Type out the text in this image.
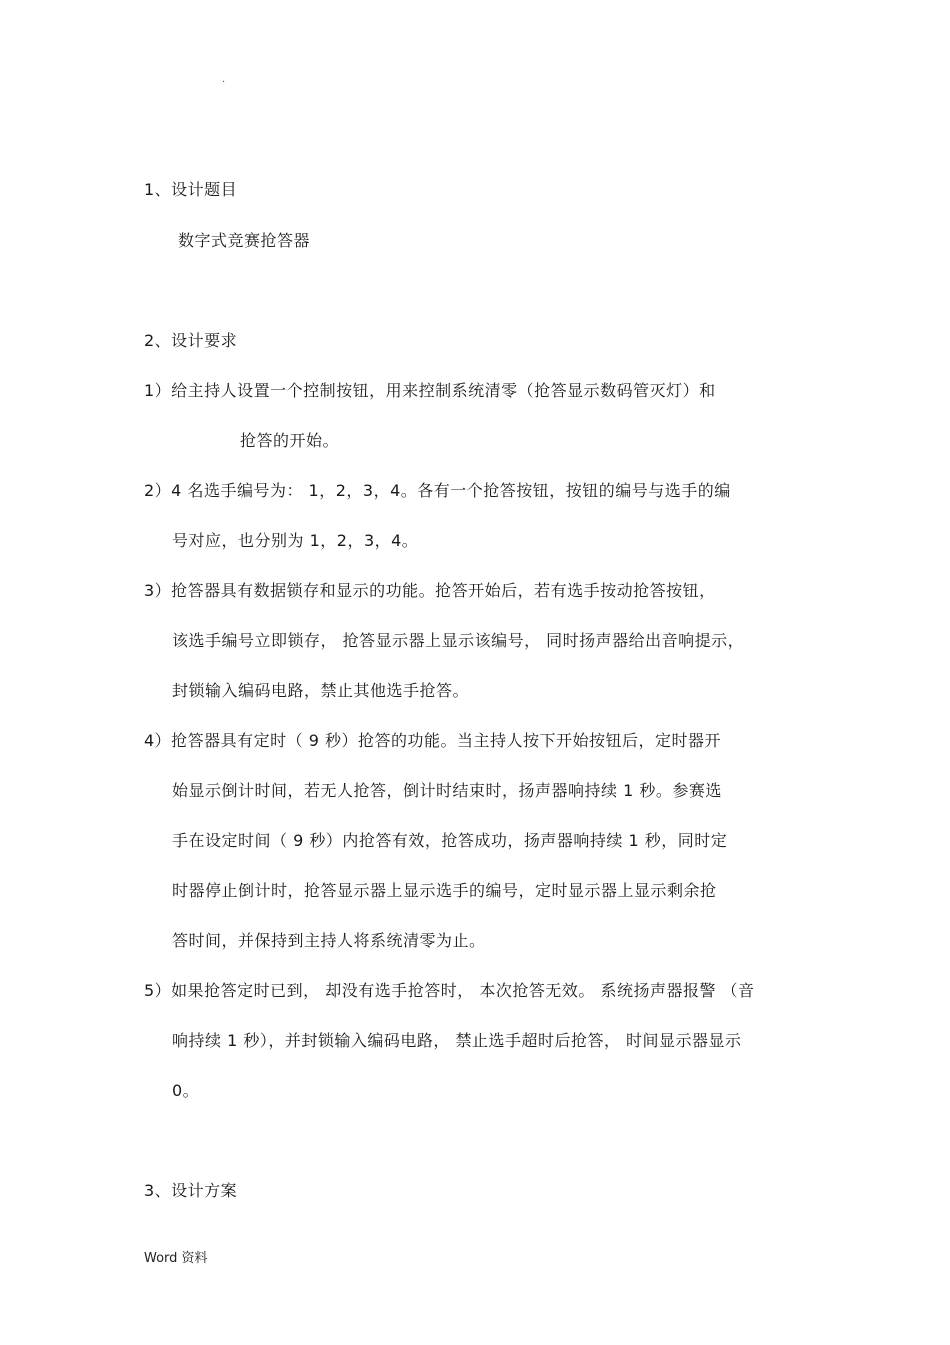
.
1、设计题目
数字式竞赛抢答器
2、设计要求
1）给主持人设置一个控制按钮，用来控制系统清零（抢答显示数码管灭灯）和
抢答的开始。
2）4 名选手编号为： 1，2，3，4。各有一个抢答按钮，按钮的编号与选手的编
号对应，也分别为 1，2，3，4。
3）抢答器具有数据锁存和显示的功能。抢答开始后，若有选手按动抢答按钮，
该选手编号立即锁存， 抢答显示器上显示该编号， 同时扬声器给出音响提示，
封锁输入编码电路，禁止其他选手抢答。
4）抢答器具有定时（ 9 秒）抢答的功能。当主持人按下开始按钮后，定时器开
始显示倒计时间，若无人抢答，倒计时结束时，扬声器响持续 1 秒。参赛选
手在设定时间（ 9 秒）内抢答有效，抢答成功，扬声器响持续 1 秒，同时定
时器停止倒计时，抢答显示器上显示选手的编号，定时显示器上显示剩余抢
答时间，并保持到主持人将系统清零为止。
5）如果抢答定时已到， 却没有选手抢答时， 本次抢答无效。 系统扬声器报警 （音
响持续 1 秒），并封锁输入编码电路， 禁止选手超时后抢答， 时间显示器显示
0。
3、设计方案
Word 资料
